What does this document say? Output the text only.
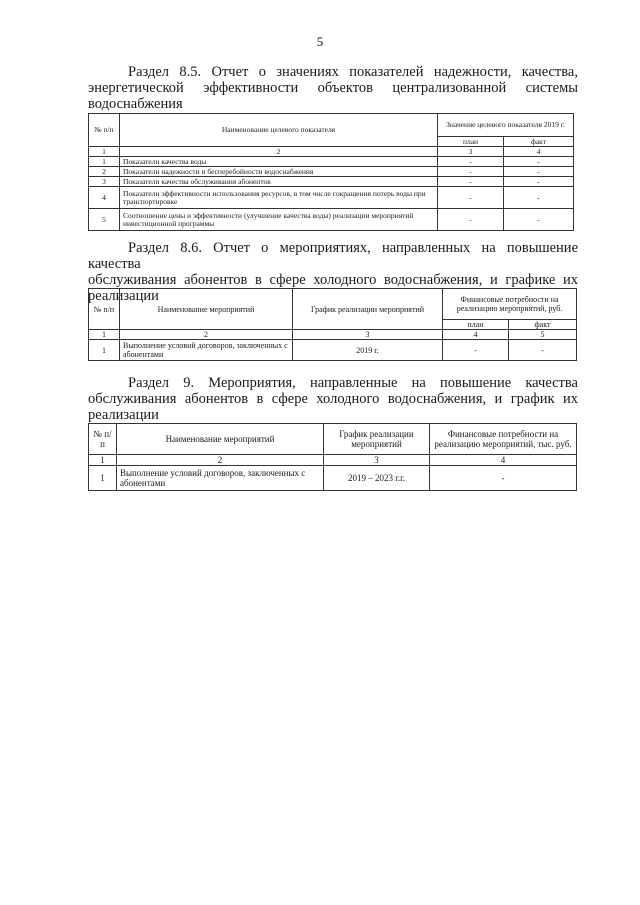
5
Раздел 8.5. Отчет о значениях показателей надежности, качества,
энергетической эффективности объектов централизованной системы
водоснабжения
№ п/п	Наименование целевого показателя	Значение целевого показателя 2019 г.	
		план	факт
1	2	3	4
1	Показатели качества воды	-	-
2	Показатели надежности и бесперебойности водоснабжения	-	-
3	Показатели качества обслуживания абонентов	-	-
4	Показатели эффективности использования ресурсов, в том числе сокращения потерь воды при транспортировке	-	-
5	Соотношение цены и эффективности (улучшение качества воды) реализации мероприятий инвестиционной программы	-	-
Раздел 8.6. Отчет о мероприятиях, направленных на повышение качества
обслуживания абонентов в сфере холодного водоснабжения, и графике их
реализации
№ п/п	Наименование мероприятий	График реализации мероприятий	Финансовые потребности на реализацию мероприятий, руб.	
			план	факт
1	2	3	4	5
1	Выполнение условий договоров, заключенных с абонентами	2019 г.	-	-
Раздел 9. Мероприятия, направленные на повышение качества
обслуживания абонентов в сфере холодного водоснабжения, и график их
реализации
№ п/п	Наименование мероприятий	График реализации мероприятий	Финансовые потребности на реализацию мероприятий, тыс. руб.
1	2	3	4
1	Выполнение условий договоров, заключенных с абонентами	2019 – 2023 г.г.	-
